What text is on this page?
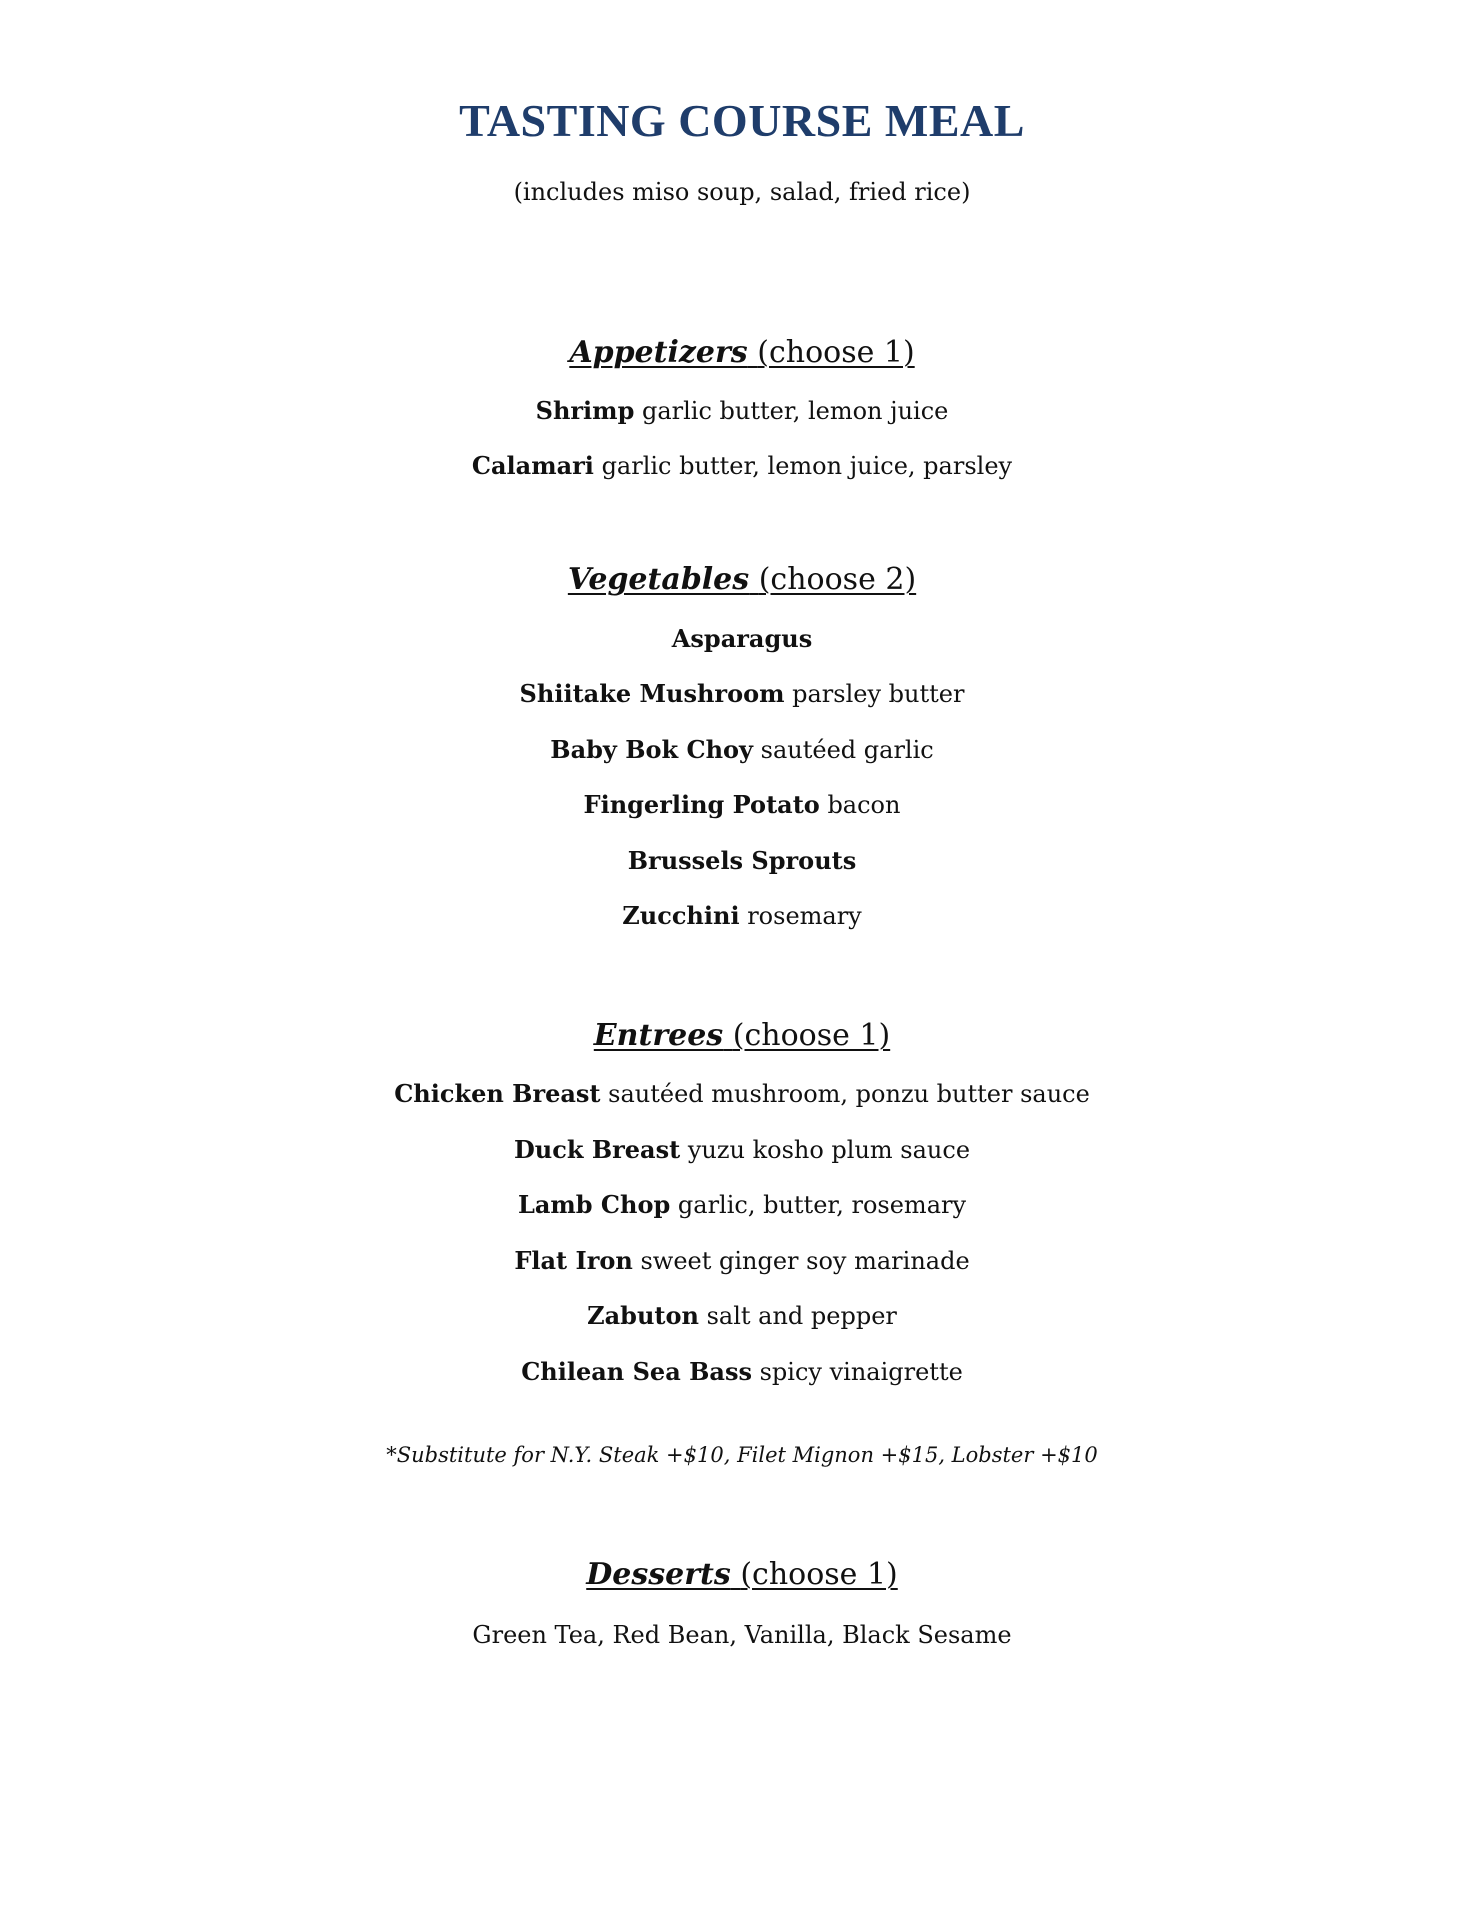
TASTING COURSE MEAL
(includes miso soup, salad, fried rice)
Appetizers (choose 1)
Shrimp garlic butter, lemon juice
Calamari garlic butter, lemon juice, parsley
Vegetables (choose 2)
Asparagus
Shiitake Mushroom parsley butter
Baby Bok Choy sautéed garlic
Fingerling Potato bacon
Brussels Sprouts
Zucchini rosemary
Entrees (choose 1)
Chicken Breast sautéed mushroom, ponzu butter sauce
Duck Breast yuzu kosho plum sauce
Lamb Chop garlic, butter, rosemary
Flat Iron sweet ginger soy marinade
Zabuton salt and pepper
Chilean Sea Bass spicy vinaigrette
*Substitute for N.Y. Steak +$10, Filet Mignon +$15, Lobster +$10
Desserts (choose 1)
Green Tea, Red Bean, Vanilla, Black Sesame
